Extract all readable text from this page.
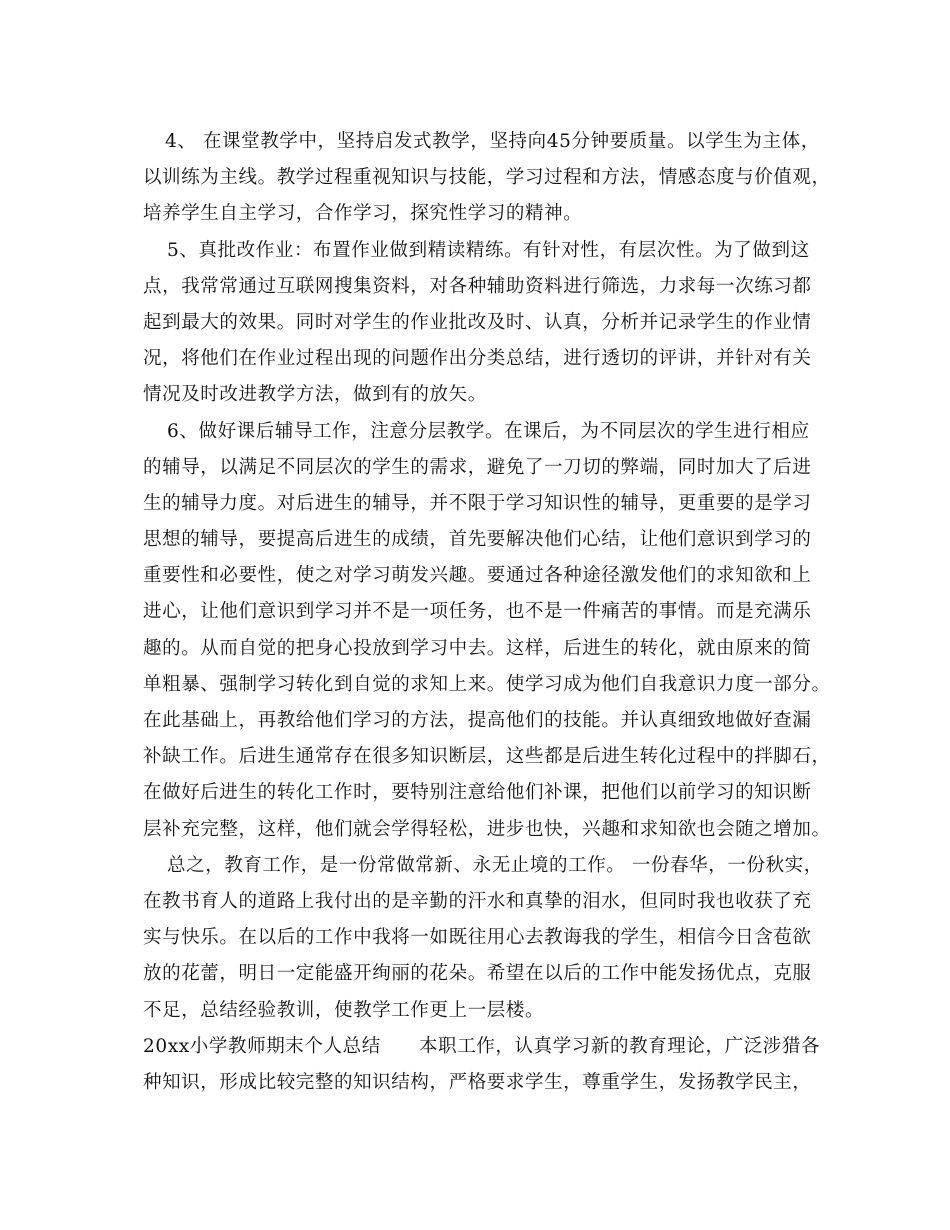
4、 在课堂教学中，坚持启发式教学，坚持向45分钟要质量。以学生为主体，
以训练为主线。教学过程重视知识与技能，学习过程和方法，情感态度与价值观，
培养学生自主学习，合作学习，探究性学习的精神。
5、真批改作业：布置作业做到精读精练。有针对性，有层次性。为了做到这
点，我常常通过互联网搜集资料，对各种辅助资料进行筛选，力求每一次练习都
起到最大的效果。同时对学生的作业批改及时、认真，分析并记录学生的作业情
况，将他们在作业过程出现的问题作出分类总结，进行透切的评讲，并针对有关
情况及时改进教学方法，做到有的放矢。
6、做好课后辅导工作，注意分层教学。在课后，为不同层次的学生进行相应
的辅导，以满足不同层次的学生的需求，避免了一刀切的弊端，同时加大了后进
生的辅导力度。对后进生的辅导，并不限于学习知识性的辅导，更重要的是学习
思想的辅导，要提高后进生的成绩，首先要解决他们心结，让他们意识到学习的
重要性和必要性，使之对学习萌发兴趣。要通过各种途径激发他们的求知欲和上
进心，让他们意识到学习并不是一项任务，也不是一件痛苦的事情。而是充满乐
趣的。从而自觉的把身心投放到学习中去。这样，后进生的转化，就由原来的简
单粗暴、强制学习转化到自觉的求知上来。使学习成为他们自我意识力度一部分。
在此基础上，再教给他们学习的方法，提高他们的技能。并认真细致地做好查漏
补缺工作。后进生通常存在很多知识断层，这些都是后进生转化过程中的拌脚石，
在做好后进生的转化工作时，要特别注意给他们补课，把他们以前学习的知识断
层补充完整，这样，他们就会学得轻松，进步也快，兴趣和求知欲也会随之增加。
总之，教育工作，是一份常做常新、永无止境的工作。 一份春华，一份秋实，
在教书育人的道路上我付出的是辛勤的汗水和真挚的泪水，但同时我也收获了充
实与快乐。在以后的工作中我将一如既往用心去教诲我的学生，相信今日含苞欲
放的花蕾，明日一定能盛开绚丽的花朵。希望在以后的工作中能发扬优点，克服
不足，总结经验教训，使教学工作更上一层楼。
20xx小学教师期末个人总结　　本职工作，认真学习新的教育理论，广泛涉猎各
种知识，形成比较完整的知识结构，严格要求学生，尊重学生，发扬教学民主，
